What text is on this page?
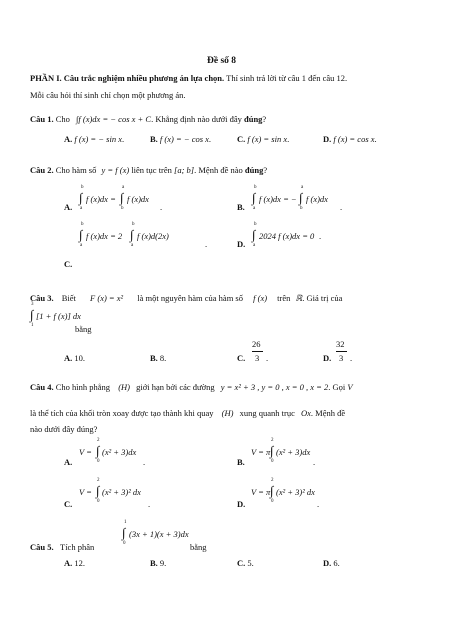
Đề số 8
PHẦN I. Câu trắc nghiệm nhiều phương án lựa chọn. Thí sinh trả lời từ câu 1 đến câu 12.
Mỗi câu hỏi thí sinh chỉ chọn một phương án.
Câu 1. Cho ∫f (x)dx = − cos x + C. Khẳng định nào dưới đây đúng?
A. f (x) = − sin x.	B. f (x) = − cos x.	C. f (x) = sin x.	D. f (x) = cos x.
Câu 2. Cho hàm số y = f (x) liên tục trên [a; b]. Mệnh đề nào đúng?
A.
b
∫
a
f (x)dx =
a
∫
b
f (x)dx
.	B.
b
∫
a
f (x)dx = −
a
∫
b
f (x)dx
.
C.
b
∫
a
f (x)dx = 2
b
∫
a
f (x)d(2x)
.	D.
b
∫
a
2024 f (x)dx = 0 .
Câu 3. Biết F (x) = x² là một nguyên hàm của hàm số f (x) trên ℝ. Giá trị của
3
∫
1
[1 + f (x)] dx
bằng
A. 10.	B. 8.	C.
26
3 .	D.
32
3 .
Câu 4. Cho hình phẳng (H) giới hạn bởi các đường y = x² + 3 , y = 0 , x = 0 , x = 2. Gọi V
là thể tích của khối tròn xoay được tạo thành khi quay (H) xung quanh trục Ox. Mệnh đề
nào dưới đây đúng?
A.
V =
2
∫
0
(x² + 3)dx
.	B.
V = π
2
∫
0
(x² + 3)dx
.
C.
V =
2
∫
0
(x² + 3)² dx
.	D.
V = π
2
∫
0
(x² + 3)² dx
.
Câu 5. Tích phân
1
∫
0
(3x + 1)(x + 3)dx
bằng
A. 12.	B. 9.	C. 5.	D. 6.
